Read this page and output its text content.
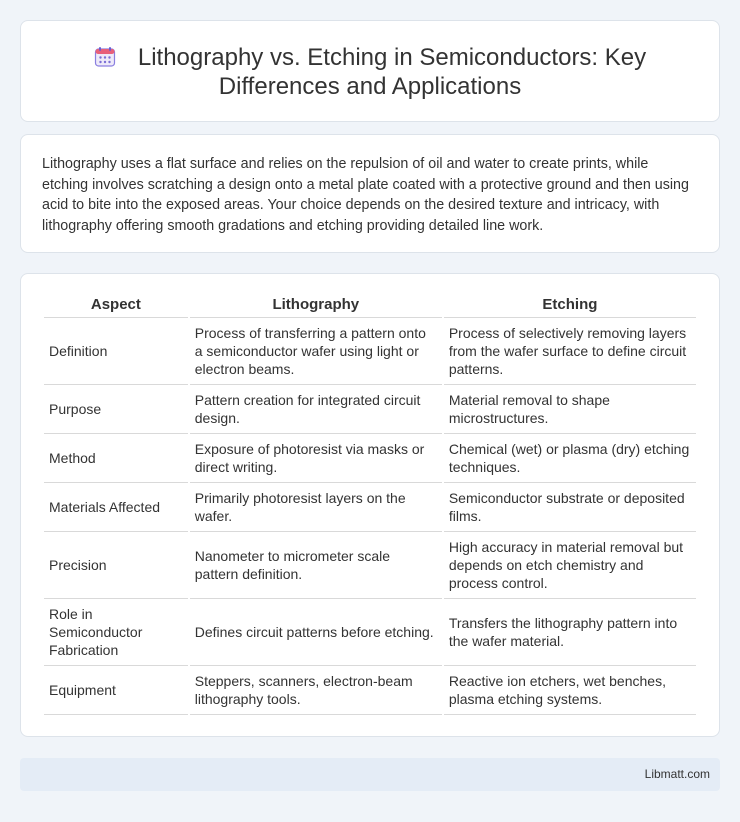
Lithography vs. Etching in Semiconductors: Key Differences and Applications

Lithography uses a flat surface and relies on the repulsion of oil and water to create prints, while etching involves scratching a design onto a metal plate coated with a protective ground and then using acid to bite into the exposed areas. Your choice depends on the desired texture and intricacy, with lithography offering smooth gradations and etching providing detailed line work.

Aspect	Lithography	Etching
Definition	Process of transferring a pattern onto a semiconductor wafer using light or electron beams.	Process of selectively removing layers from the wafer surface to define circuit patterns.
Purpose	Pattern creation for integrated circuit design.	Material removal to shape microstructures.
Method	Exposure of photoresist via masks or direct writing.	Chemical (wet) or plasma (dry) etching techniques.
Materials Affected	Primarily photoresist layers on the wafer.	Semiconductor substrate or deposited films.
Precision	Nanometer to micrometer scale pattern definition.	High accuracy in material removal but depends on etch chemistry and process control.
Role in Semiconductor Fabrication	Defines circuit patterns before etching.	Transfers the lithography pattern into the wafer material.
Equipment	Steppers, scanners, electron-beam lithography tools.	Reactive ion etchers, wet benches, plasma etching systems.
Libmatt.com
